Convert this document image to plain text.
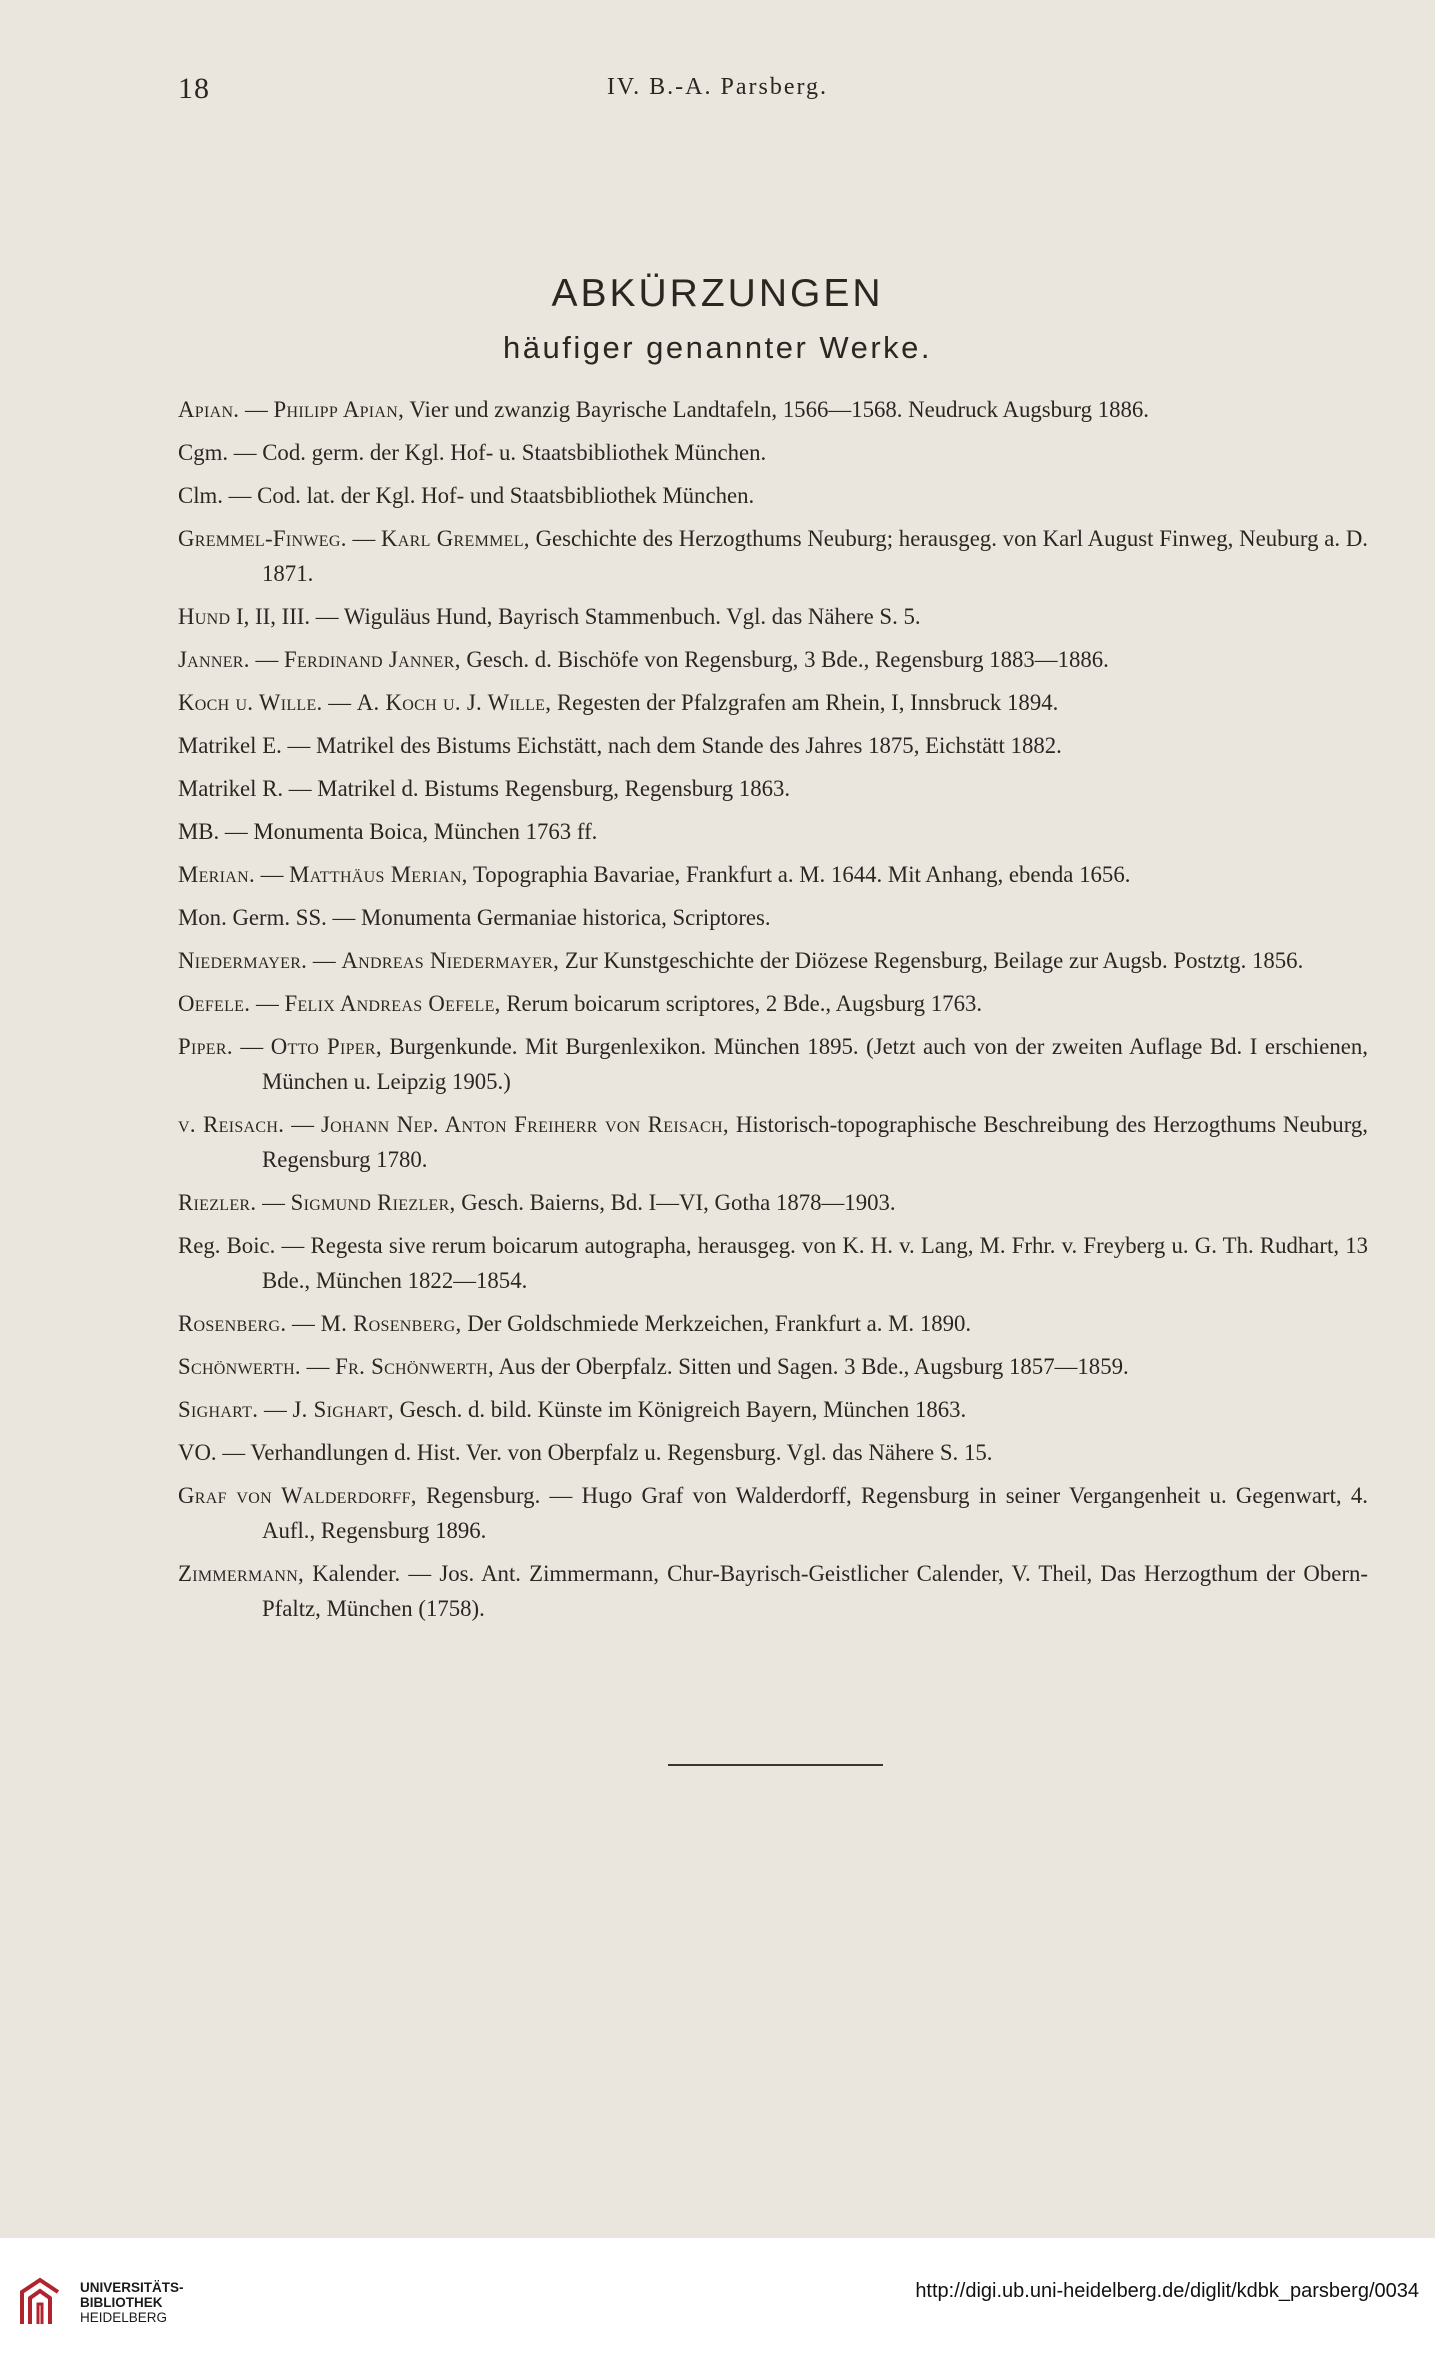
18	IV. B.-A. Parsberg.
ABKÜRZUNGEN
häufiger genannter Werke.

Apian. — Philipp Apian, Vier und zwanzig Bayrische Landtafeln, 1566—1568. Neudruck Augsburg 1886.

Cgm. — Cod. germ. der Kgl. Hof- u. Staatsbibliothek München.

Clm. — Cod. lat. der Kgl. Hof- und Staatsbibliothek München.

Gremmel-Finweg. — Karl Gremmel, Geschichte des Herzogthums Neuburg; herausgeg. von Karl August Finweg, Neuburg a. D. 1871.

Hund I, II, III. — Wiguläus Hund, Bayrisch Stammenbuch. Vgl. das Nähere S. 5.

Janner. — Ferdinand Janner, Gesch. d. Bischöfe von Regensburg, 3 Bde., Regensburg 1883—1886.

Koch u. Wille. — A. Koch u. J. Wille, Regesten der Pfalzgrafen am Rhein, I, Innsbruck 1894.

Matrikel E. — Matrikel des Bistums Eichstätt, nach dem Stande des Jahres 1875, Eichstätt 1882.

Matrikel R. — Matrikel d. Bistums Regensburg, Regensburg 1863.

MB. — Monumenta Boica, München 1763 ff.

Merian. — Matthäus Merian, Topographia Bavariae, Frankfurt a. M. 1644. Mit Anhang, ebenda 1656.

Mon. Germ. SS. — Monumenta Germaniae historica, Scriptores.

Niedermayer. — Andreas Niedermayer, Zur Kunstgeschichte der Diözese Regensburg, Beilage zur Augsb. Postztg. 1856.

Oefele. — Felix Andreas Oefele, Rerum boicarum scriptores, 2 Bde., Augsburg 1763.

Piper. — Otto Piper, Burgenkunde. Mit Burgenlexikon. München 1895. (Jetzt auch von der zweiten Auflage Bd. I erschienen, München u. Leipzig 1905.)

v. Reisach. — Johann Nep. Anton Freiherr von Reisach, Historisch-topographische Beschreibung des Herzogthums Neuburg, Regensburg 1780.

Riezler. — Sigmund Riezler, Gesch. Baierns, Bd. I—VI, Gotha 1878—1903.

Reg. Boic. — Regesta sive rerum boicarum autographa, herausgeg. von K. H. v. Lang, M. Frhr. v. Freyberg u. G. Th. Rudhart, 13 Bde., München 1822—1854.

Rosenberg. — M. Rosenberg, Der Goldschmiede Merkzeichen, Frankfurt a. M. 1890.

Schönwerth. — Fr. Schönwerth, Aus der Oberpfalz. Sitten und Sagen. 3 Bde., Augsburg 1857—1859.

Sighart. — J. Sighart, Gesch. d. bild. Künste im Königreich Bayern, München 1863.

VO. — Verhandlungen d. Hist. Ver. von Oberpfalz u. Regensburg. Vgl. das Nähere S. 15.

Graf von Walderdorff, Regensburg. — Hugo Graf von Walderdorff, Regensburg in seiner Vergangenheit u. Gegenwart, 4. Aufl., Regensburg 1896.

Zimmermann, Kalender. — Jos. Ant. Zimmermann, Chur-Bayrisch-Geistlicher Calender, V. Theil, Das Herzogthum der Obern-Pfaltz, München (1758).

UNIVERSITÄTS-
BIBLIOTHEK
HEIDELBERG
http://digi.ub.uni-heidelberg.de/diglit/kdbk_parsberg/0034
